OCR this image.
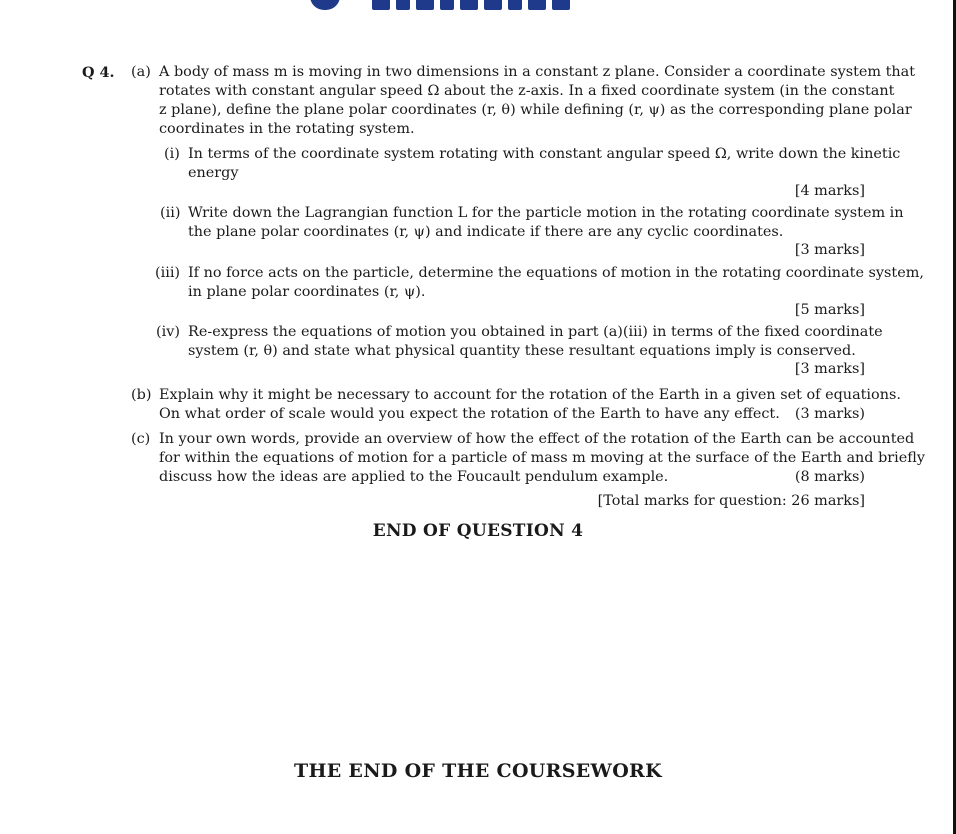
Q 4. (a) A body of mass m is moving in two dimensions in a constant z plane. Consider a coordinate system that
rotates with constant angular speed Ω about the z-axis. In a fixed coordinate system (in the constant
z plane), define the plane polar coordinates (r, θ) while defining (r, ψ) as the corresponding plane polar
coordinates in the rotating system.
(i) In terms of the coordinate system rotating with constant angular speed Ω, write down the kinetic
energy
[4 marks]
(ii) Write down the Lagrangian function L for the particle motion in the rotating coordinate system in
the plane polar coordinates (r, ψ) and indicate if there are any cyclic coordinates.
[3 marks]
(iii) If no force acts on the particle, determine the equations of motion in the rotating coordinate system,
in plane polar coordinates (r, ψ).
[5 marks]
(iv) Re-express the equations of motion you obtained in part (a)(iii) in terms of the fixed coordinate
system (r, θ) and state what physical quantity these resultant equations imply is conserved.
[3 marks]
(b) Explain why it might be necessary to account for the rotation of the Earth in a given set of equations.
On what order of scale would you expect the rotation of the Earth to have any effect. (3 marks)
(c) In your own words, provide an overview of how the effect of the rotation of the Earth can be accounted
for within the equations of motion for a particle of mass m moving at the surface of the Earth and briefly
discuss how the ideas are applied to the Foucault pendulum example.	(8 marks)
[Total marks for question: 26 marks]
END OF QUESTION 4
THE END OF THE COURSEWORK
